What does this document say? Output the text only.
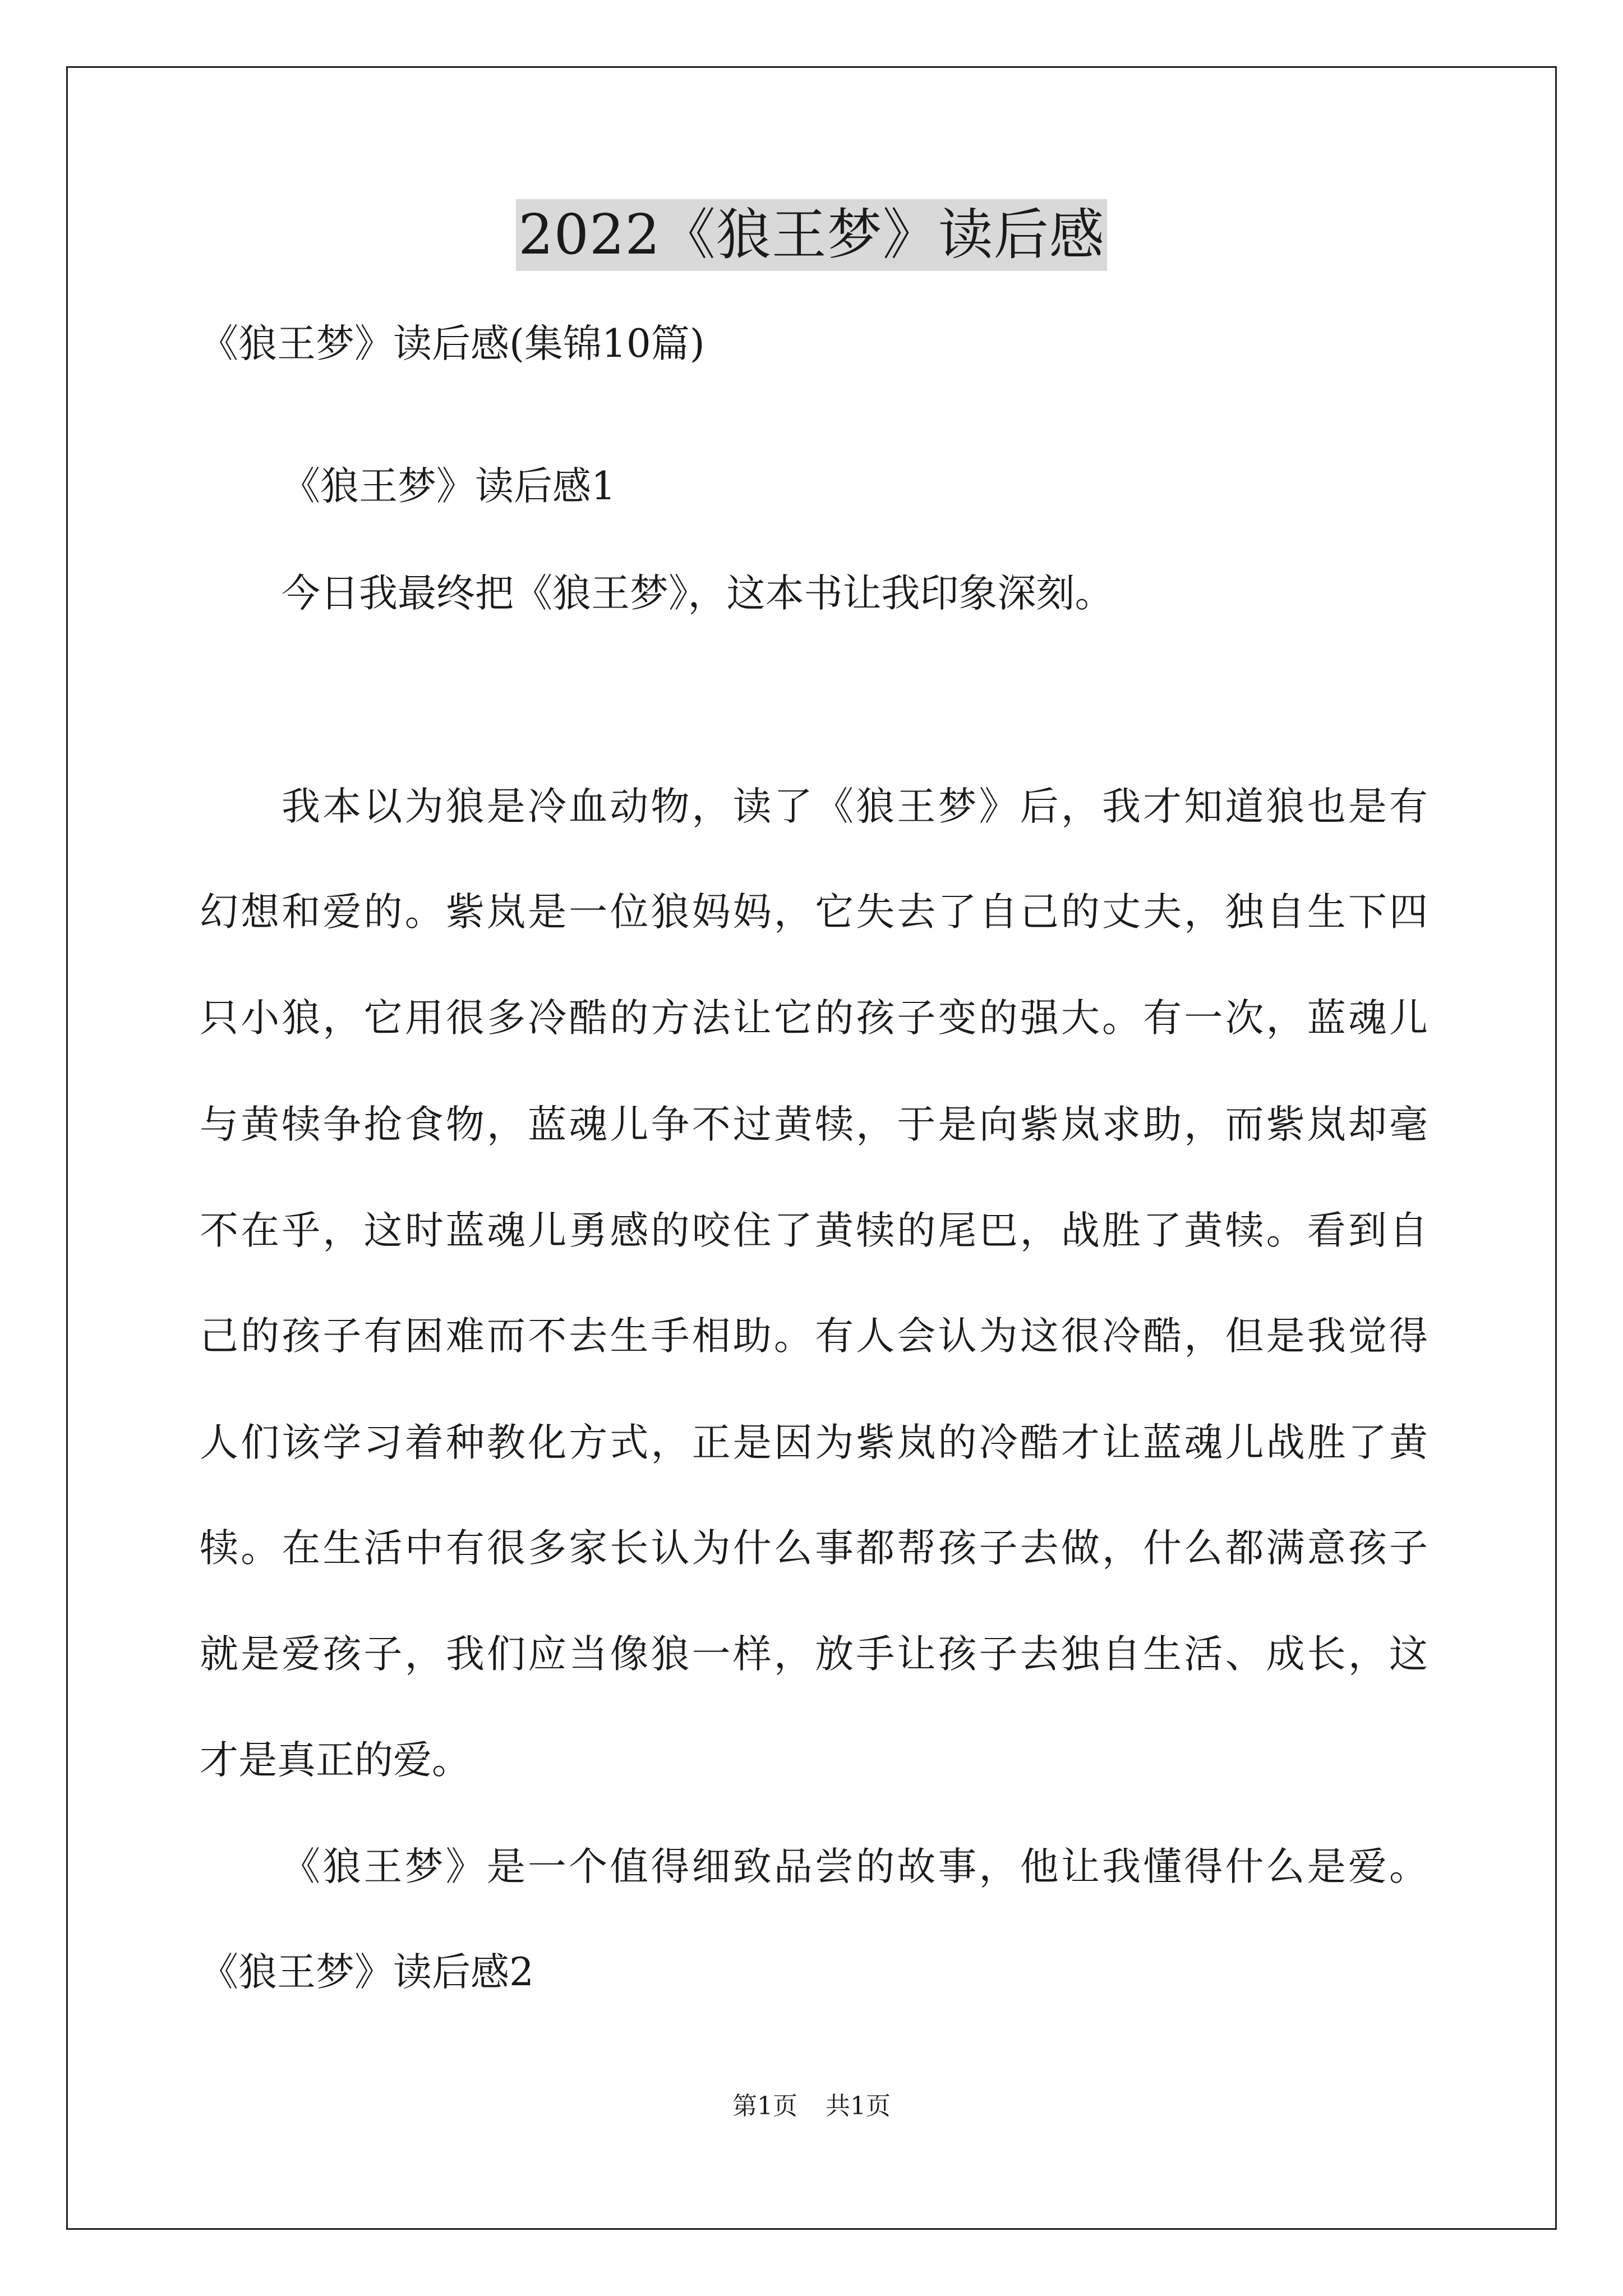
2022《狼王梦》读后感
《狼王梦》读后感(集锦10篇)
《狼王梦》读后感1
今日我最终把《狼王梦》，这本书让我印象深刻。
我本以为狼是冷血动物，读了《狼王梦》后，我才知道狼也是有
幻想和爱的。紫岚是一位狼妈妈，它失去了自己的丈夫，独自生下四
只小狼，它用很多冷酷的方法让它的孩子变的强大。有一次，蓝魂儿
与黄犊争抢食物，蓝魂儿争不过黄犊，于是向紫岚求助，而紫岚却毫
不在乎，这时蓝魂儿勇感的咬住了黄犊的尾巴，战胜了黄犊。看到自
己的孩子有困难而不去生手相助。有人会认为这很冷酷，但是我觉得
人们该学习着种教化方式，正是因为紫岚的冷酷才让蓝魂儿战胜了黄
犊。在生活中有很多家长认为什么事都帮孩子去做，什么都满意孩子
就是爱孩子，我们应当像狼一样，放手让孩子去独自生活、成长，这
才是真正的爱。
《狼王梦》是一个值得细致品尝的故事，他让我懂得什么是爱。
《狼王梦》读后感2
第1页 共1页
